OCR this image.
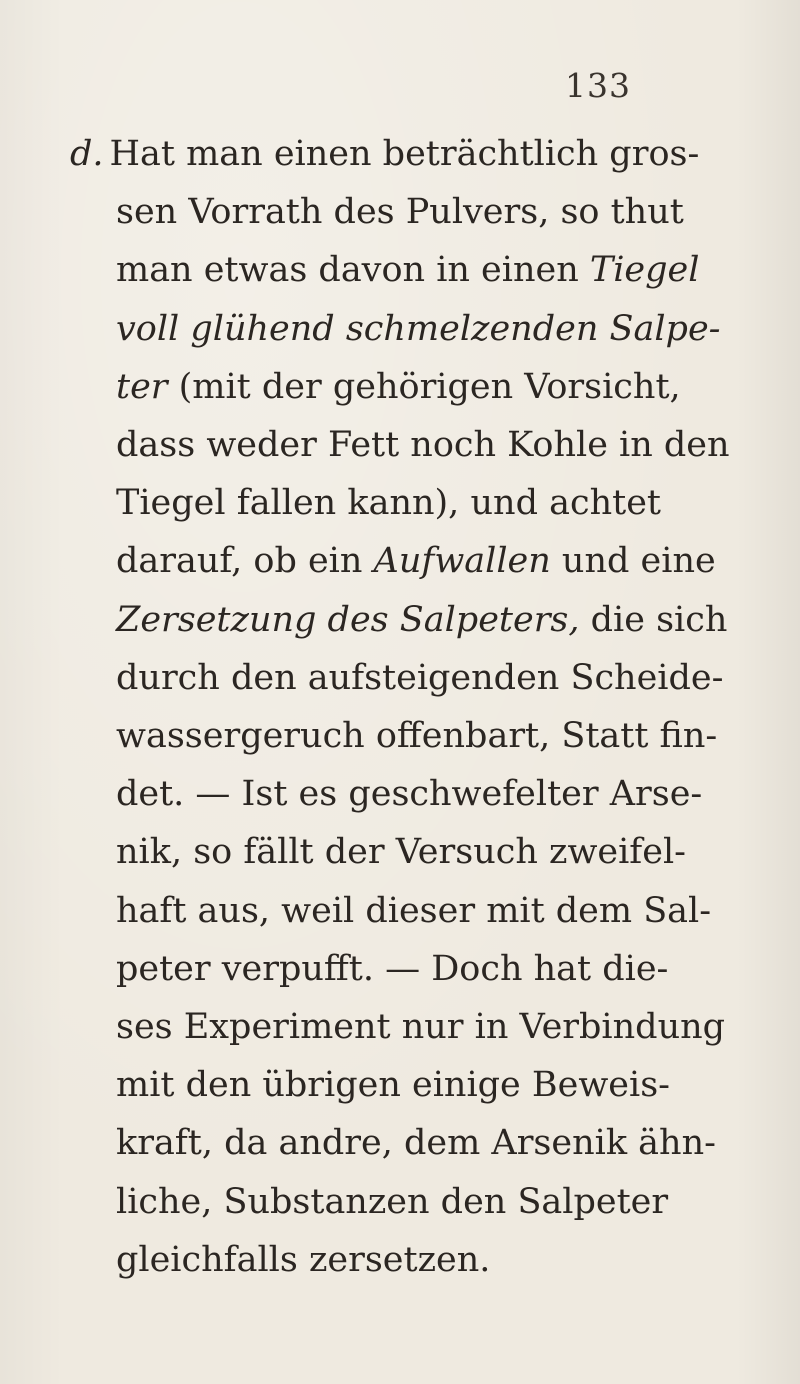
133
d. Hat man einen beträchtlich gros-
sen Vorrath des Pulvers, so thut
man etwas davon in einen Tiegel
voll glühend schmelzenden Salpe-
ter (mit der gehörigen Vorsicht,
dass weder Fett noch Kohle in den
Tiegel fallen kann), und achtet
darauf, ob ein Aufwallen und eine
Zersetzung des Salpeters, die sich
durch den aufsteigenden Scheide-
wassergeruch offenbart, Statt fin-
det. — Ist es geschwefelter Arse-
nik, so fällt der Versuch zweifel-
haft aus, weil dieser mit dem Sal-
peter verpufft. — Doch hat die-
ses Experiment nur in Verbindung
mit den übrigen einige Beweis-
kraft, da andre, dem Arsenik ähn-
liche, Substanzen den Salpeter
gleichfalls zersetzen.
